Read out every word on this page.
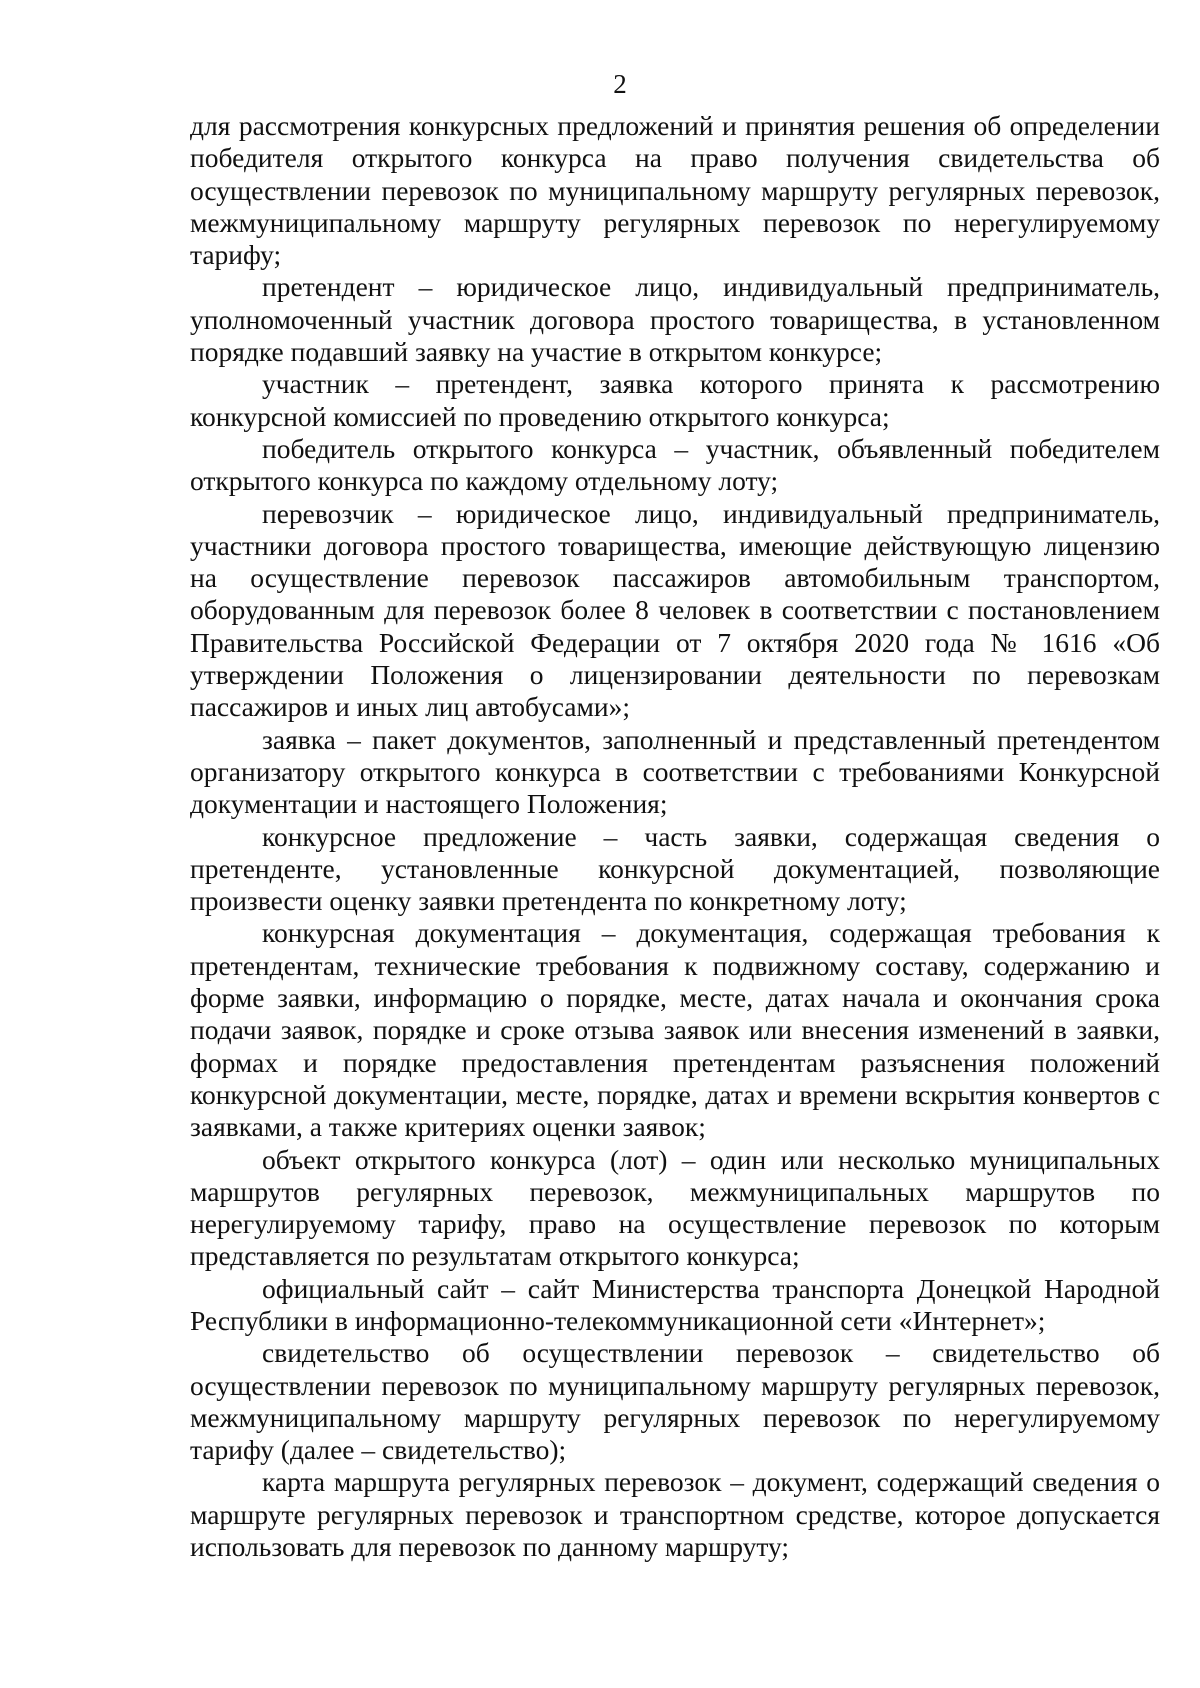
2

для рассмотрения конкурсных предложений и принятия решения об определении победителя открытого конкурса на право получения свидетельства об осуществлении перевозок по муниципальному маршруту регулярных перевозок, межмуниципальному маршруту регулярных перевозок по нерегулируемому тарифу;

претендент – юридическое лицо, индивидуальный предприниматель, уполномоченный участник договора простого товарищества, в установленном порядке подавший заявку на участие в открытом конкурсе;

участник – претендент, заявка которого принята к рассмотрению конкурсной комиссией по проведению открытого конкурса;

победитель открытого конкурса – участник, объявленный победителем открытого конкурса по каждому отдельному лоту;

перевозчик – юридическое лицо, индивидуальный предприниматель, участники договора простого товарищества, имеющие действующую лицензию на осуществление перевозок пассажиров автомобильным транспортом, оборудованным для перевозок более 8 человек в соответствии с постановлением Правительства Российской Федерации от 7 октября 2020 года № 1616 «Об утверждении Положения о лицензировании деятельности по перевозкам пассажиров и иных лиц автобусами»;

заявка – пакет документов, заполненный и представленный претендентом организатору открытого конкурса в соответствии с требованиями Конкурсной документации и настоящего Положения;

конкурсное предложение – часть заявки, содержащая сведения о претенденте, установленные конкурсной документацией, позволяющие произвести оценку заявки претендента по конкретному лоту;

конкурсная документация – документация, содержащая требования к претендентам, технические требования к подвижному составу, содержанию и форме заявки, информацию о порядке, месте, датах начала и окончания срока подачи заявок, порядке и сроке отзыва заявок или внесения изменений в заявки, формах и порядке предоставления претендентам разъяснения положений конкурсной документации, месте, порядке, датах и времени вскрытия конвертов с заявками, а также критериях оценки заявок;

объект открытого конкурса (лот) – один или несколько муниципальных маршрутов регулярных перевозок, межмуниципальных маршрутов по нерегулируемому тарифу, право на осуществление перевозок по которым представляется по результатам открытого конкурса;

официальный сайт – сайт Министерства транспорта Донецкой Народной Республики в информационно-телекоммуникационной сети «Интернет»;

свидетельство об осуществлении перевозок – свидетельство об осуществлении перевозок по муниципальному маршруту регулярных перевозок, межмуниципальному маршруту регулярных перевозок по нерегулируемому тарифу (далее – свидетельство);

карта маршрута регулярных перевозок – документ, содержащий сведения о маршруте регулярных перевозок и транспортном средстве, которое допускается использовать для перевозок по данному маршруту;
